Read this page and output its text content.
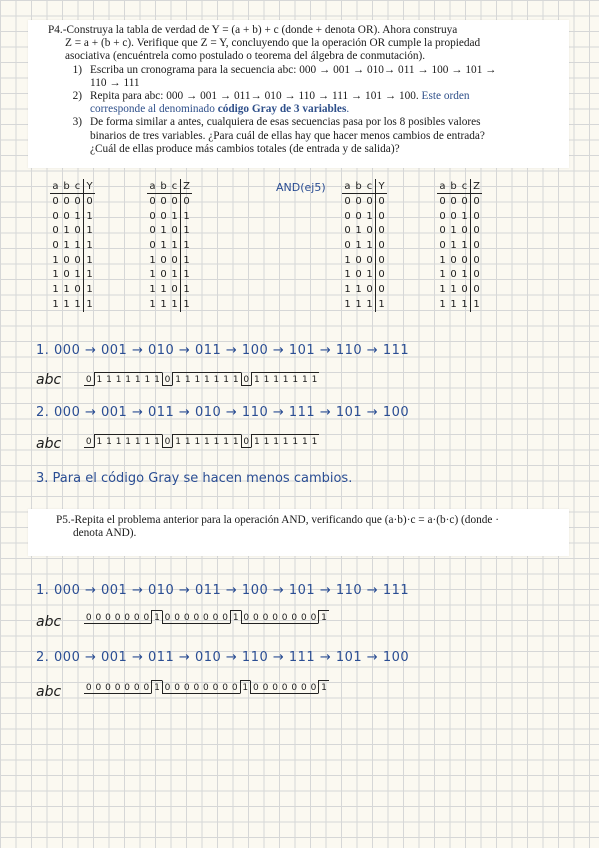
P4.-Construya la tabla de verdad de Y = (a + b) + c (donde + denota OR). Ahora construya

Z = a + (b + c). Verifique que Z = Y, concluyendo que la operación OR cumple la propiedad

asociativa (encuéntrela como postulado o teorema del álgebra de conmutación).

1) Escriba un cronograma para la secuencia abc: 000 → 001 → 010→ 011 → 100 → 101 →

110 → 111

2) Repita para abc: 000 → 001 → 011→ 010 → 110 → 111 → 101 → 100. Este orden

corresponde al denominado código Gray de 3 variables.

3) De forma similar a antes, cualquiera de esas secuencias pasa por los 8 posibles valores

binarios de tres variables. ¿Para cuál de ellas hay que hacer menos cambios de entrada?

¿Cuál de ellas produce más cambios totales (de entrada y de salida)?

a	b	c	Y
0	0	0	0
0	0	1	1
0	1	0	1
0	1	1	1
1	0	0	1
1	0	1	1
1	1	0	1
1	1	1	1
a	b	c	Z
0	0	0	0
0	0	1	1
0	1	0	1
0	1	1	1
1	0	0	1
1	0	1	1
1	1	0	1
1	1	1	1
AND(ej5) a	b	c	Y
0	0	0	0
0	0	1	0
0	1	0	0
0	1	1	0
1	0	0	0
1	0	1	0
1	1	0	0
1	1	1	1
a	b	c	Z
0	0	0	0
0	0	1	0
0	1	0	0
0	1	1	0
1	0	0	0
1	0	1	0
1	1	0	0
1	1	1	1
1. 000 → 001 → 010 → 011 → 100 → 101 → 110 → 111
abc	0 1 1 1 1 1 1 1 0 1 1 1 1 1 1 1 0 1 1 1 1 1 1 1
2. 000 → 001 → 011 → 010 → 110 → 111 → 101 → 100
abc	0 1 1 1 1 1 1 1 0 1 1 1 1 1 1 1 0 1 1 1 1 1 1 1
3. Para el código Gray se hacen menos cambios.

P5.-Repita el problema anterior para la operación AND, verificando que (a·b)·c = a·(b·c) (donde ·

denota AND).

1. 000 → 001 → 010 → 011 → 100 → 101 → 110 → 111
abc	0 0 0 0 0 0 0 1 0 0 0 0 0 0 0 1 0 0 0 0 0 0 0 0 1
2. 000 → 001 → 011 → 010 → 110 → 111 → 101 → 100
abc	0 0 0 0 0 0 0 1 0 0 0 0 0 0 0 0 1 0 0 0 0 0 0 0 1
